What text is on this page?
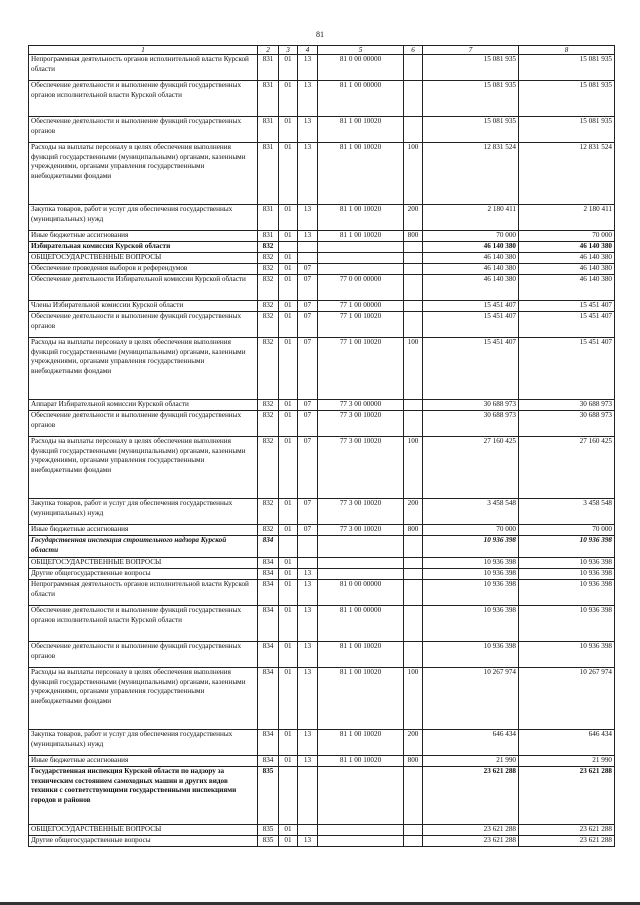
81
1	2	3	4	5	6	7	8
Непрограммная деятельность органов исполнительной власти Курской области	831	01	13	81 0 00 00000		15 081 935	15 081 935
Обеспечение деятельности и выполнение функций государственных органов исполнительной власти Курской области	831	01	13	81 1 00 00000		15 081 935	15 081 935
Обеспечение деятельности и выполнение функций государственных органов	831	01	13	81 1 00 10020		15 081 935	15 081 935
Расходы на выплаты персоналу в целях обеспечения выполнения функций государственными (муниципальными) органами, казенными учреждениями, органами управления государственными внебюджетными фондами	831	01	13	81 1 00 10020	100	12 831 524	12 831 524
Закупка товаров, работ и услуг для обеспечения государственных (муниципальных) нужд	831	01	13	81 1 00 10020	200	2 180 411	2 180 411
Иные бюджетные ассигнования	831	01	13	81 1 00 10020	800	70 000	70 000
Избирательная комиссия Курской области	832					46 140 380	46 140 380
ОБЩЕГОСУДАРСТВЕННЫЕ ВОПРОСЫ	832	01				46 140 380	46 140 380
Обеспечение проведения выборов и референдумов	832	01	07			46 140 380	46 140 380
Обеспечение деятельности Избирательной комиссии Курской области	832	01	07	77 0 00 00000		46 140 380	46 140 380
Члены Избирательной комиссии Курской области	832	01	07	77 1 00 00000		15 451 407	15 451 407
Обеспечение деятельности и выполнение функций государственных органов	832	01	07	77 1 00 10020		15 451 407	15 451 407
Расходы на выплаты персоналу в целях обеспечения выполнения функций государственными (муниципальными) органами, казенными учреждениями, органами управления государственными внебюджетными фондами	832	01	07	77 1 00 10020	100	15 451 407	15 451 407
Аппарат Избирательной комиссии Курской области	832	01	07	77 3 00 00000		30 688 973	30 688 973
Обеспечение деятельности и выполнение функций государственных органов	832	01	07	77 3 00 10020		30 688 973	30 688 973
Расходы на выплаты персоналу в целях обеспечения выполнения функций государственными (муниципальными) органами, казенными учреждениями, органами управления государственными внебюджетными фондами	832	01	07	77 3 00 10020	100	27 160 425	27 160 425
Закупка товаров, работ и услуг для обеспечения государственных (муниципальных) нужд	832	01	07	77 3 00 10020	200	3 458 548	3 458 548
Иные бюджетные ассигнования	832	01	07	77 3 00 10020	800	70 000	70 000
Государственная инспекция строительного надзора Курской области	834					10 936 398	10 936 398
ОБЩЕГОСУДАРСТВЕННЫЕ ВОПРОСЫ	834	01				10 936 398	10 936 398
Другие общегосударственные вопросы	834	01	13			10 936 398	10 936 398
Непрограммная деятельность органов исполнительной власти Курской области	834	01	13	81 0 00 00000		10 936 398	10 936 398
Обеспечение деятельности и выполнение функций государственных органов исполнительной власти Курской области	834	01	13	81 1 00 00000		10 936 398	10 936 398
Обеспечение деятельности и выполнение функций государственных органов	834	01	13	81 1 00 10020		10 936 398	10 936 398
Расходы на выплаты персоналу в целях обеспечения выполнения функций государственными (муниципальными) органами, казенными учреждениями, органами управления государственными внебюджетными фондами	834	01	13	81 1 00 10020	100	10 267 974	10 267 974
Закупка товаров, работ и услуг для обеспечения государственных (муниципальных) нужд	834	01	13	81 1 00 10020	200	646 434	646 434
Иные бюджетные ассигнования	834	01	13	81 1 00 10020	800	21 990	21 990
Государственная инспекция Курской области по надзору за техническим состоянием самоходных машин и других видов техники с соответствующими государственными инспекциями городов и районов	835					23 621 288	23 621 288
ОБЩЕГОСУДАРСТВЕННЫЕ ВОПРОСЫ	835	01				23 621 288	23 621 288
Другие общегосударственные вопросы	835	01	13			23 621 288	23 621 288
